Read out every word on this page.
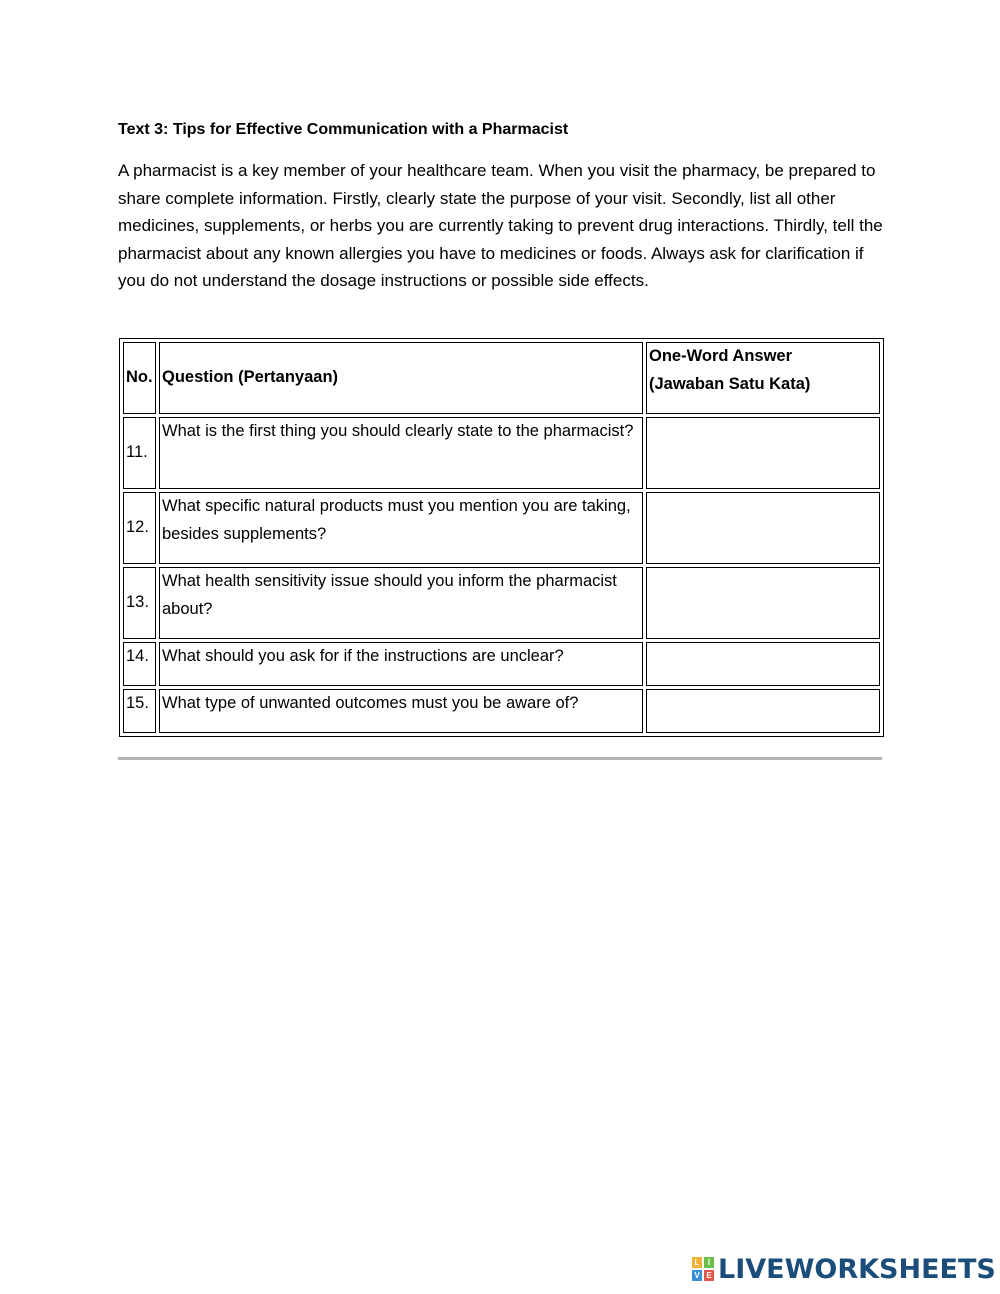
Text 3: Tips for Effective Communication with a Pharmacist
A pharmacist is a key member of your healthcare team. When you visit the pharmacy, be prepared to share complete information. Firstly, clearly state the purpose of your visit. Secondly, list all other medicines, supplements, or herbs you are currently taking to prevent drug interactions. Thirdly, tell the pharmacist about any known allergies you have to medicines or foods. Always ask for clarification if you do not understand the dosage instructions or possible side effects.
No.	Question (Pertanyaan)	One-Word Answer
(Jawaban Satu Kata)

11.	What is the first thing you should clearly state to the pharmacist?	
12.	What specific natural products must you mention you are taking, besides supplements?	
13.	What health sensitivity issue should you inform the pharmacist about?	
14.	What should you ask for if the instructions are unclear?	
15.	What type of unwanted outcomes must you be aware of?	
L	I
V E LIVEWORKSHEETS
